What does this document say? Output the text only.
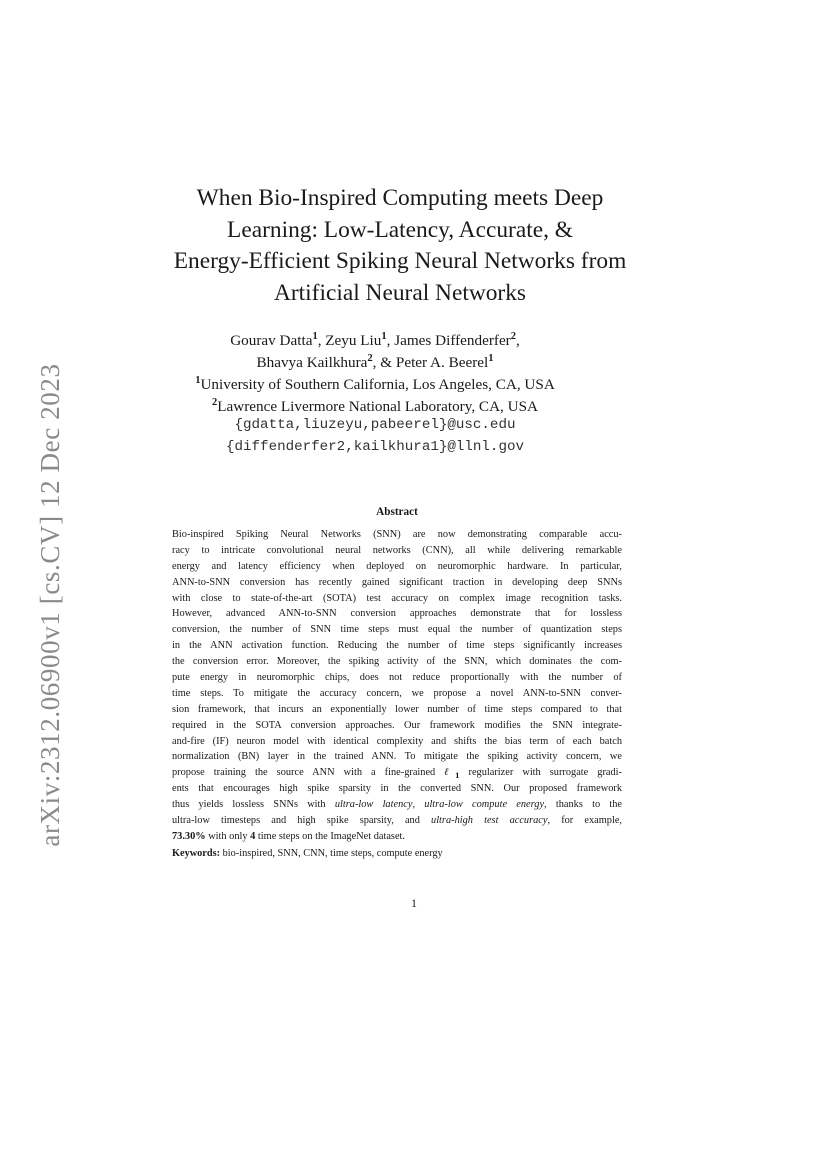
arXiv:2312.06900v1 [cs.CV] 12 Dec 2023
When Bio-Inspired Computing meets Deep
Learning: Low-Latency, Accurate, &
Energy-Efficient Spiking Neural Networks from
Artificial Neural Networks
Gourav Datta$^1$, Zeyu Liu$^1$, James Diffenderfer$^2$,
Bhavya Kailkhura$^2$, & Peter A. Beerel$^1$
$^1$University of Southern California, Los Angeles, CA, USA
$^2$Lawrence Livermore National Laboratory, CA, USA
{gdatta,liuzeyu,pabeerel}@usc.edu
{diffenderfer2,kailkhura1}@llnl.gov
Abstract
Bio-inspired Spiking Neural Networks (SNN) are now demonstrating comparable accu-
racy to intricate convolutional neural networks (CNN), all while delivering remarkable
energy and latency efficiency when deployed on neuromorphic hardware. In particular,
ANN-to-SNN conversion has recently gained significant traction in developing deep SNNs
with close to state-of-the-art (SOTA) test accuracy on complex image recognition tasks.
However, advanced ANN-to-SNN conversion approaches demonstrate that for lossless
conversion, the number of SNN time steps must equal the number of quantization steps
in the ANN activation function. Reducing the number of time steps significantly increases
the conversion error. Moreover, the spiking activity of the SNN, which dominates the com-
pute energy in neuromorphic chips, does not reduce proportionally with the number of
time steps. To mitigate the accuracy concern, we propose a novel ANN-to-SNN conver-
sion framework, that incurs an exponentially lower number of time steps compared to that
required in the SOTA conversion approaches. Our framework modifies the SNN integrate-
and-fire (IF) neuron model with identical complexity and shifts the bias term of each batch
normalization (BN) layer in the trained ANN. To mitigate the spiking activity concern, we
propose training the source ANN with a fine-grained ℓ$_1$ regularizer with surrogate gradi-
ents that encourages high spike sparsity in the converted SNN. Our proposed framework
thus yields lossless SNNs with ultra-low latency, ultra-low compute energy, thanks to the
ultra-low timesteps and high spike sparsity, and ultra-high test accuracy, for example,
73.30% with only 4 time steps on the ImageNet dataset.
Keywords: bio-inspired, SNN, CNN, time steps, compute energy
1
